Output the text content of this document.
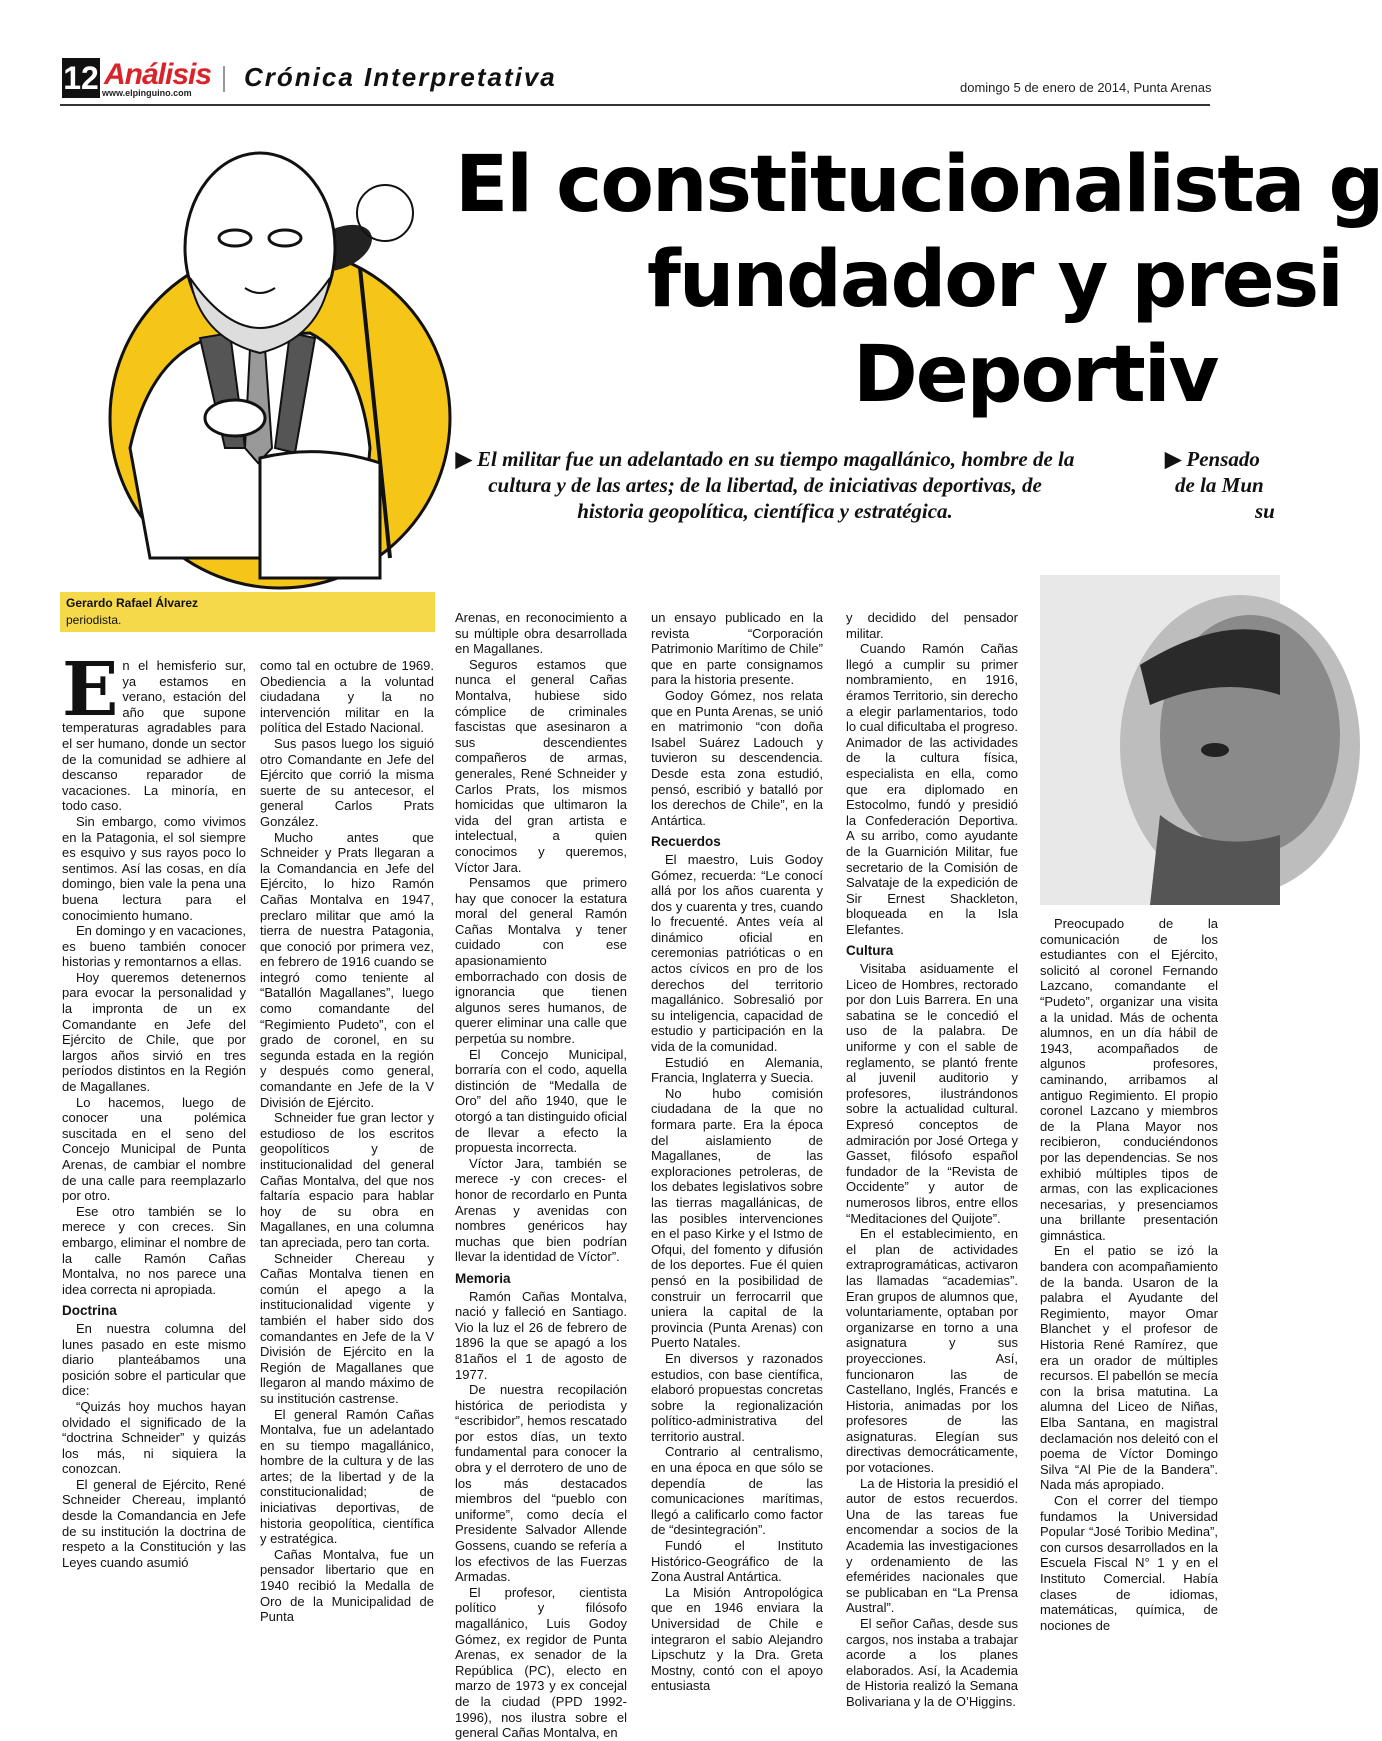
12 Análisis
www.elpinguino.com
Crónica Interpretativa	domingo 5 de enero de 2014, Punta Arenas
El constitucionalista g
fundador y presi
Deportiv
▶ El militar fue un adelantado en su tiempo magallánico, hombre de la cultura y de las artes; de la libertad, de iniciativas deportivas, de historia geopolítica, científica y estratégica.
▶ Pensado
de la Mun
su
Gerardo Rafael Álvarez
periodista.

En el hemisferio sur, ya estamos en verano, estación del año que supone temperaturas agradables para el ser humano, donde un sector de la comunidad se adhiere al descanso reparador de vacaciones. La minoría, en todo caso.

Sin embargo, como vivimos en la Patagonia, el sol siempre es esquivo y sus rayos poco lo sentimos. Así las cosas, en día domingo, bien vale la pena una buena lectura para el conocimiento humano.

En domingo y en vacaciones, es bueno también conocer historias y remontarnos a ellas.

Hoy queremos detenernos para evocar la personalidad y la impronta de un ex Comandante en Jefe del Ejército de Chile, que por largos años sirvió en tres períodos distintos en la Región de Magallanes.

Lo hacemos, luego de conocer una polémica suscitada en el seno del Concejo Municipal de Punta Arenas, de cambiar el nombre de una calle para reemplazarlo por otro.

Ese otro también se lo merece y con creces. Sin embargo, eliminar el nombre de la calle Ramón Cañas Montalva, no nos parece una idea correcta ni apropiada.

Doctrina

En nuestra columna del lunes pasado en este mismo diario planteábamos una posición sobre el particular que dice:

“Quizás hoy muchos hayan olvidado el significado de la “doctrina Schneider” y quizás los más, ni siquiera la conozcan.

El general de Ejército, René Schneider Chereau, implantó desde la Comandancia en Jefe de su institución la doctrina de respeto a la Constitución y las Leyes cuando asumió

como tal en octubre de 1969. Obediencia a la voluntad ciudadana y la no intervención militar en la política del Estado Nacional.

Sus pasos luego los siguió otro Comandante en Jefe del Ejército que corrió la misma suerte de su antecesor, el general Carlos Prats González.

Mucho antes que Schneider y Prats llegaran a la Comandancia en Jefe del Ejército, lo hizo Ramón Cañas Montalva en 1947, preclaro militar que amó la tierra de nuestra Patagonia, que conoció por primera vez, en febrero de 1916 cuando se integró como teniente al “Batallón Magallanes”, luego como comandante del “Regimiento Pudeto”, con el grado de coronel, en su segunda estada en la región y después como general, comandante en Jefe de la V División de Ejército.

Schneider fue gran lector y estudioso de los escritos geopolíticos y de institucionalidad del general Cañas Montalva, del que nos faltaría espacio para hablar hoy de su obra en Magallanes, en una columna tan apreciada, pero tan corta.

Schneider Chereau y Cañas Montalva tienen en común el apego a la institucionalidad vigente y también el haber sido dos comandantes en Jefe de la V División de Ejército en la Región de Magallanes que llegaron al mando máximo de su institución castrense.

El general Ramón Cañas Montalva, fue un adelantado en su tiempo magallánico, hombre de la cultura y de las artes; de la libertad y de la constitucionalidad; de iniciativas deportivas, de historia geopolítica, científica y estratégica.

Cañas Montalva, fue un pensador libertario que en 1940 recibió la Medalla de Oro de la Municipalidad de Punta

Arenas, en reconocimiento a su múltiple obra desarrollada en Magallanes.

Seguros estamos que nunca el general Cañas Montalva, hubiese sido cómplice de criminales fascistas que asesinaron a sus descendientes compañeros de armas, generales, René Schneider y Carlos Prats, los mismos homicidas que ultimaron la vida del gran artista e intelectual, a quien conocimos y queremos, Víctor Jara.

Pensamos que primero hay que conocer la estatura moral del general Ramón Cañas Montalva y tener cuidado con ese apasionamiento emborrachado con dosis de ignorancia que tienen algunos seres humanos, de querer eliminar una calle que perpetúa su nombre.

El Concejo Municipal, borraría con el codo, aquella distinción de “Medalla de Oro” del año 1940, que le otorgó a tan distinguido oficial de llevar a efecto la propuesta incorrecta.

Víctor Jara, también se merece -y con creces- el honor de recordarlo en Punta Arenas y avenidas con nombres genéricos hay muchas que bien podrían llevar la identidad de Víctor”.

Memoria

Ramón Cañas Montalva, nació y falleció en Santiago. Vio la luz el 26 de febrero de 1896 la que se apagó a los 81años el 1 de agosto de 1977.

De nuestra recopilación histórica de periodista y “escribidor”, hemos rescatado por estos días, un texto fundamental para conocer la obra y el derrotero de uno de los más destacados miembros del “pueblo con uniforme”, como decía el Presidente Salvador Allende Gossens, cuando se refería a los efectivos de las Fuerzas Armadas.

El profesor, cientista político y filósofo magallánico, Luis Godoy Gómez, ex regidor de Punta Arenas, ex senador de la República (PC), electo en marzo de 1973 y ex concejal de la ciudad (PPD 1992-1996), nos ilustra sobre el general Cañas Montalva, en

un ensayo publicado en la revista “Corporación Patrimonio Marítimo de Chile” que en parte consignamos para la historia presente.

Godoy Gómez, nos relata que en Punta Arenas, se unió en matrimonio “con doña Isabel Suárez Ladouch y tuvieron su descendencia. Desde esta zona estudió, pensó, escribió y batalló por los derechos de Chile”, en la Antártica.

Recuerdos

El maestro, Luis Godoy Gómez, recuerda: “Le conocí allá por los años cuarenta y dos y cuarenta y tres, cuando lo frecuenté. Antes veía al dinámico oficial en ceremonias patrióticas o en actos cívicos en pro de los derechos del territorio magallánico. Sobresalió por su inteligencia, capacidad de estudio y participación en la vida de la comunidad.

Estudió en Alemania, Francia, Inglaterra y Suecia.

No hubo comisión ciudadana de la que no formara parte. Era la época del aislamiento de Magallanes, de las exploraciones petroleras, de los debates legislativos sobre las tierras magallánicas, de las posibles intervenciones en el paso Kirke y el Istmo de Ofqui, del fomento y difusión de los deportes. Fue él quien pensó en la posibilidad de construir un ferrocarril que uniera la capital de la provincia (Punta Arenas) con Puerto Natales.

En diversos y razonados estudios, con base científica, elaboró propuestas concretas sobre la regionalización político-administrativa del territorio austral.

Contrario al centralismo, en una época en que sólo se dependía de las comunicaciones marítimas, llegó a calificarlo como factor de “desintegración”.

Fundó el Instituto Histórico-Geográfico de la Zona Austral Antártica.

La Misión Antropológica que en 1946 enviara la Universidad de Chile e integraron el sabio Alejandro Lipschutz y la Dra. Greta Mostny, contó con el apoyo entusiasta

y decidido del pensador militar.

Cuando Ramón Cañas llegó a cumplir su primer nombramiento, en 1916, éramos Territorio, sin derecho a elegir parlamentarios, todo lo cual dificultaba el progreso. Animador de las actividades de la cultura física, especialista en ella, como que era diplomado en Estocolmo, fundó y presidió la Confederación Deportiva. A su arribo, como ayudante de la Guarnición Militar, fue secretario de la Comisión de Salvataje de la expedición de Sir Ernest Shackleton, bloqueada en la Isla Elefantes.

Cultura

Visitaba asiduamente el Liceo de Hombres, rectorado por don Luis Barrera. En una sabatina se le concedió el uso de la palabra. De uniforme y con el sable de reglamento, se plantó frente al juvenil auditorio y profesores, ilustrándonos sobre la actualidad cultural. Expresó conceptos de admiración por José Ortega y Gasset, filósofo español fundador de la “Revista de Occidente” y autor de numerosos libros, entre ellos “Meditaciones del Quijote”.

En el establecimiento, en el plan de actividades extraprogramáticas, activaron las llamadas “academias”. Eran grupos de alumnos que, voluntariamente, optaban por organizarse en torno a una asignatura y sus proyecciones. Así, funcionaron las de Castellano, Inglés, Francés e Historia, animadas por los profesores de las asignaturas. Elegían sus directivas democráticamente, por votaciones.

La de Historia la presidió el autor de estos recuerdos. Una de las tareas fue encomendar a socios de la Academia las investigaciones y ordenamiento de las efemérides nacionales que se publicaban en “La Prensa Austral”.

El señor Cañas, desde sus cargos, nos instaba a trabajar acorde a los planes elaborados. Así, la Academia de Historia realizó la Semana Bolivariana y la de O’Higgins.

Preocupado de la comunicación de los estudiantes con el Ejército, solicitó al coronel Fernando Lazcano, comandante el “Pudeto”, organizar una visita a la unidad. Más de ochenta alumnos, en un día hábil de 1943, acompañados de algunos profesores, caminando, arribamos al antiguo Regimiento. El propio coronel Lazcano y miembros de la Plana Mayor nos recibieron, conduciéndonos por las dependencias. Se nos exhibió múltiples tipos de armas, con las explicaciones necesarias, y presenciamos una brillante presentación gimnástica.

En el patio se izó la bandera con acompañamiento de la banda. Usaron de la palabra el Ayudante del Regimiento, mayor Omar Blanchet y el profesor de Historia René Ramírez, que era un orador de múltiples recursos. El pabellón se mecía con la brisa matutina. La alumna del Liceo de Niñas, Elba Santana, en magistral declamación nos deleitó con el poema de Víctor Domingo Silva “Al Pie de la Bandera”. Nada más apropiado.

Con el correr del tiempo fundamos la Universidad Popular “José Toribio Medina”, con cursos desarrollados en la Escuela Fiscal N° 1 y en el Instituto Comercial. Había clases de idiomas, matemáticas, química, de nociones de
